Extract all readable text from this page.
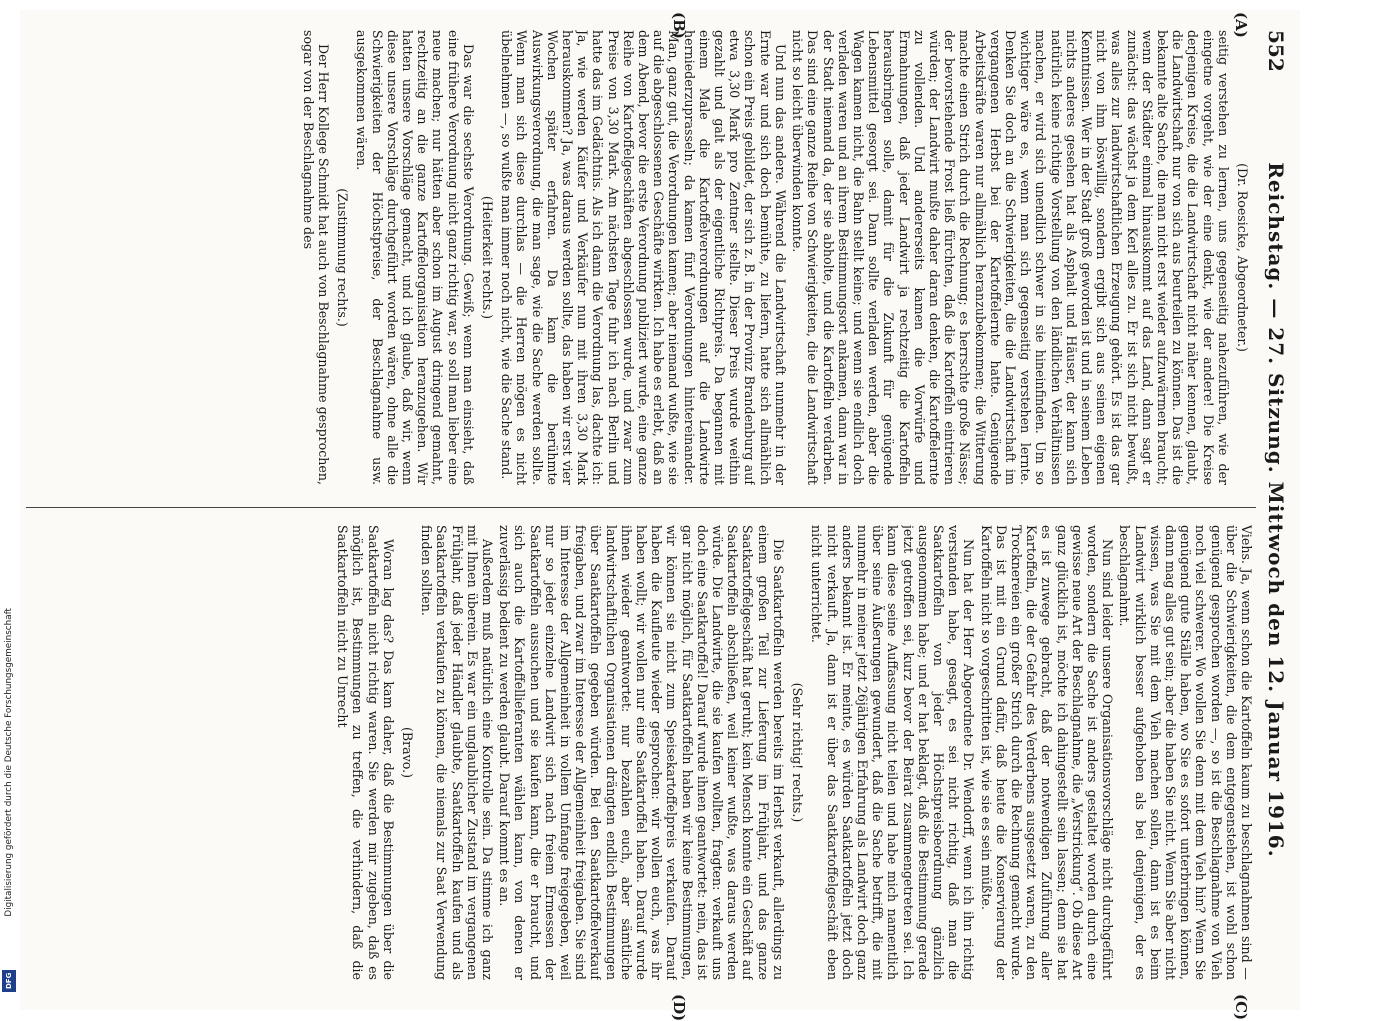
552
Reichstag. — 27. Sitzung. Mittwoch den 12. Januar 1916.
(A)
(B)
(C)
(D)

(Dr. Roesicke, Abgeordneter.)

seitig verstehen zu lernen, uns gegenseitig nahezuführen, wie der eingetne vorgeht, wie der eine denkt, wie der andere! Die Kreise derjenigen Kreise, die die Landwirtschaft nicht näher kennen, glaubt, die Landwirtschaft nur von sich aus beurteilen zu können. Das ist die bekannte alte Sache, die man nicht erst wieder aufzuwärmen braucht; wenn der Städter einmal hinauskommt auf das Land, dann sagt er zunächst: das wächst ja dem Kerl alles zu. Er ist sich nicht bewußt, was alles zur landwirtschaftlichen Erzeugung gehört. Es ist das gar nicht von ihm böswillig, sondern ergibt sich aus seinen eigenen Kenntnissen. Wer in der Stadt groß geworden ist und in seinem Leben nichts anderes gesehen hat als Asphalt und Häuser, der kann sich natürlich keine richtige Vorstellung von den ländlichen Verhältnissen machen, er wird sich unendlich schwer in sie hineinfinden. Um so wichtiger wäre es, wenn man sich gegenseitig verstehen lernte. Denken Sie doch an die Schwierigkeiten, die die Landwirtschaft im vergangenen Herbst bei der Kartoffelernte hatte. Genügende Arbeitskräfte waren nur allmählich heranzubekommen; die Witterung machte einen Strich durch die Rechnung; es herrschte große Nässe; der bevorstehende Frost ließ fürchten, daß die Kartoffeln eintrieren würden; der Landwirt mußte daher daran denken, die Kartoffelernte zu vollenden. Und andererseits kamen die Vorwürfe und Ermahnungen, daß jeder Landwirt ja rechtzeitig die Kartoffeln herausbringen solle, damit für die Zukunft für genügende Lebensmittel gesorgt sei. Dann sollte verladen werden, aber die Wagen kamen nicht, die Bahn stellt keine; und wenn sie endlich doch verladen waren und an ihrem Bestimmungsort ankamen, dann war in der Stadt niemand da, der sie abholte, und die Kartoffeln verdarben. Das sind eine ganze Reihe von Schwierigkeiten, die die Landwirtschaft nicht so leicht überwinden konnte.

Und nun das andere. Während die Landwirtschaft nunmehr in der Ernte war und sich doch bemühte, zu liefern, hatte sich allmählich schon ein Preis gebildet, der sich z. B. in der Provinz Brandenburg auf etwa 3,30 Mark pro Zentner stellte. Dieser Preis wurde weithin gezahlt und galt als der eigentliche Richtpreis. Da begannen mit einem Male die Kartoffelverordnungen auf die Landwirte herniederzuprasseln; da kamen fünf Verordnungen hintereinander. Man, ganz gut, die Verordnungen kamen; aber niemand wußte, wie sie auf die abgeschlossenen Geschäfte wirkten. Ich habe es erlebt, daß an dem Abend, bevor die erste Verordnung publiziert wurde, eine ganze Reihe von Kartoffelgeschäften abgeschlossen wurde, und zwar zum Preise von 3,30 Mark. Am nächsten Tage fuhr ich nach Berlin und hatte das im Gedächtnis. Als ich dann die Verordnung las, dachte ich: Ja, wie werden Käufer und Verkäufer nun mit ihren 3,30 Mark herauskommen? Ja, was daraus werden sollte, das haben wir erst vier Wochen später erfahren. Da kam die berühmte Auswirkungsverordnung, die man sage, wie die Sache werden sollte. Wenn man sich diese durchlas — die Herren mögen es nicht übelnehmen —, so wußte man immer noch nicht, wie die Sache stand.

(Heiterkeit rechts.)

Das war die sechste Verordnung. Gewiß; wenn man einsieht, daß eine frühere Verordnung nicht ganz richtig war, so soll man lieber eine neue machen; nur hätten aber schon im August dringend gemahnt, rechtzeitig an die ganze Kartoffelorganisation heranzugehen. Wir hatten unsere Vorschläge gemacht, und ich glaube, daß wir, wenn diese unsere Vorschläge durchgeführt worden wären, ohne alle die Schwierigkeiten der Höchstpreise, der Beschlagnahme usw. ausgekommen wären.

(Zustimmung rechts.)

Der Herr Kollege Schmidt hat auch von Beschlagnahme gesprochen, sogar von der Beschlagnahme des

Viehs. Ja, wenn schon die Kartoffeln kaum zu beschlagnahmen sind — über die Schwierigkeiten, die dem entgegenstehen, ist wohl schon genügend gesprochen worden —, so ist die Beschlagnahme von Vieh noch viel schwerer. Wo wollen Sie denn mit dem Vieh hin? Wenn Sie genügend gute Ställe haben, wo Sie es sofort unterbringen können, dann mag alles gut sein; aber die haben Sie nicht. Wenn Sie aber nicht wissen, was Sie mit dem Vieh machen sollen, dann ist es beim Landwirt wirklich besser aufgehoben als bei denjenigen, der es beschlagnahmt.

Nun sind leider unsere Organisationsvorschläge nicht durchgeführt worden, sondern die Sache ist anders gestaltet worden durch eine gewisse neue Art der Beschlagnahme, die „Verstrickung“. Ob diese Art ganz glücklich ist, möchte ich dahingestellt sein lassen; denn sie hat es ist zuwege gebracht, daß der notwendigen Zuführung aller Kartoffeln, die der Gefahr des Verderbens ausgesetzt waren, zu den Trocknereien ein großer Strich durch die Rechnung gemacht wurde. Das ist mit ein Grund dafür, daß heute die Konservierung der Kartoffeln nicht so vorgeschritten ist, wie sie es sein müßte.

Nun hat der Herr Abgeordnete Dr. Wendorff, wenn ich ihn richtig verstanden habe, gesagt, es sei nicht richtig, daß man die Saatkartoffeln von jeder Höchstpreisbeordnung gänzlich ausgenommen habe; und er hat beklagt, daß die Bestimmung gerade jetzt getroffen sei, kurz bevor der Beirat zusammengetreten sei. Ich kann diese seine Auffassung nicht teilen und habe mich namentlich über seine Äußerungen gewundert, daß die Sache betrifft, die mit nunmehr in meiner jetzt 26jährigen Erfahrung als Landwirt doch ganz anders bekannt ist. Er meinte, es würden Saatkartoffeln jetzt doch nicht verkauft. Ja, dann ist er über das Saatkartoffelgeschäft eben nicht unterrichtet.

(Sehr richtig! rechts.)

Die Saatkartoffeln werden bereits im Herbst verkauft, allerdings zu einem großen Teil zur Lieferung im Frühjahr, und das ganze Saatkartoffelgeschäft hat geruht; kein Mensch konnte ein Geschäft auf Saatkartoffeln abschließen, weil keiner wußte, was daraus werden würde. Die Landwirte, die sie kaufen wollten, fragten: verkauft uns doch eine Saatkartoffel! Darauf wurde ihnen geantwortet: nein, das ist gar nicht möglich, für Saatkartoffeln haben wir keine Bestimmungen, wir können sie nicht zum Speisekartoffelpreis verkaufen. Darauf haben die Kaufleute wieder gesprochen: wir wollen euch, was ihr haben wollt; wir wollen nur eine Saatkartoffel haben. Darauf wurde ihnen wieder geantwortet: nur bezahlen euch, aber sämtliche landwirtschaftlichen Organisationen drängten endlich Bestimmungen über Saatkartoffeln gegeben würden. Bei den Saatkartoffelverkauf freigaben, und zwar im Interesse der Allgemeinheit freigaben. Sie sind im Interesse der Allgemeinheit in vollem Umfange freigegeben, weil nur so jeder einzelne Landwirt sich nach freiem Ermessen der Saatkartoffeln aussuchen und sie kaufen kann, die er braucht, und sich auch die Kartoffellieferanten wählen kann, von denen er zuverlässig bedient zu werden glaubt. Darauf kommt es an.

Außerdem muß natürlich eine Kontrolle sein. Da stimme ich ganz mit Ihnen überein. Es war ein unglaublicher Zustand im vergangenen Frühjahr, daß jeder Händler glaubte, Saatkartoffeln kaufen und als Saatkartoffeln verkaufen zu können, die niemals zur Saat Verwendung finden sollten.

(Bravo.)

Woran lag das? Das kam daher, daß die Bestimmungen über die Saatkartoffeln nicht richtig waren. Sie werden mir zugeben, daß es möglich ist, Bestimmungen zu treffen, die verhindern, daß die Saatkartoffeln nicht zu Unrecht

Digitalisierung gefördert durch die Deutsche Forschungsgemeinschaft
DFG
